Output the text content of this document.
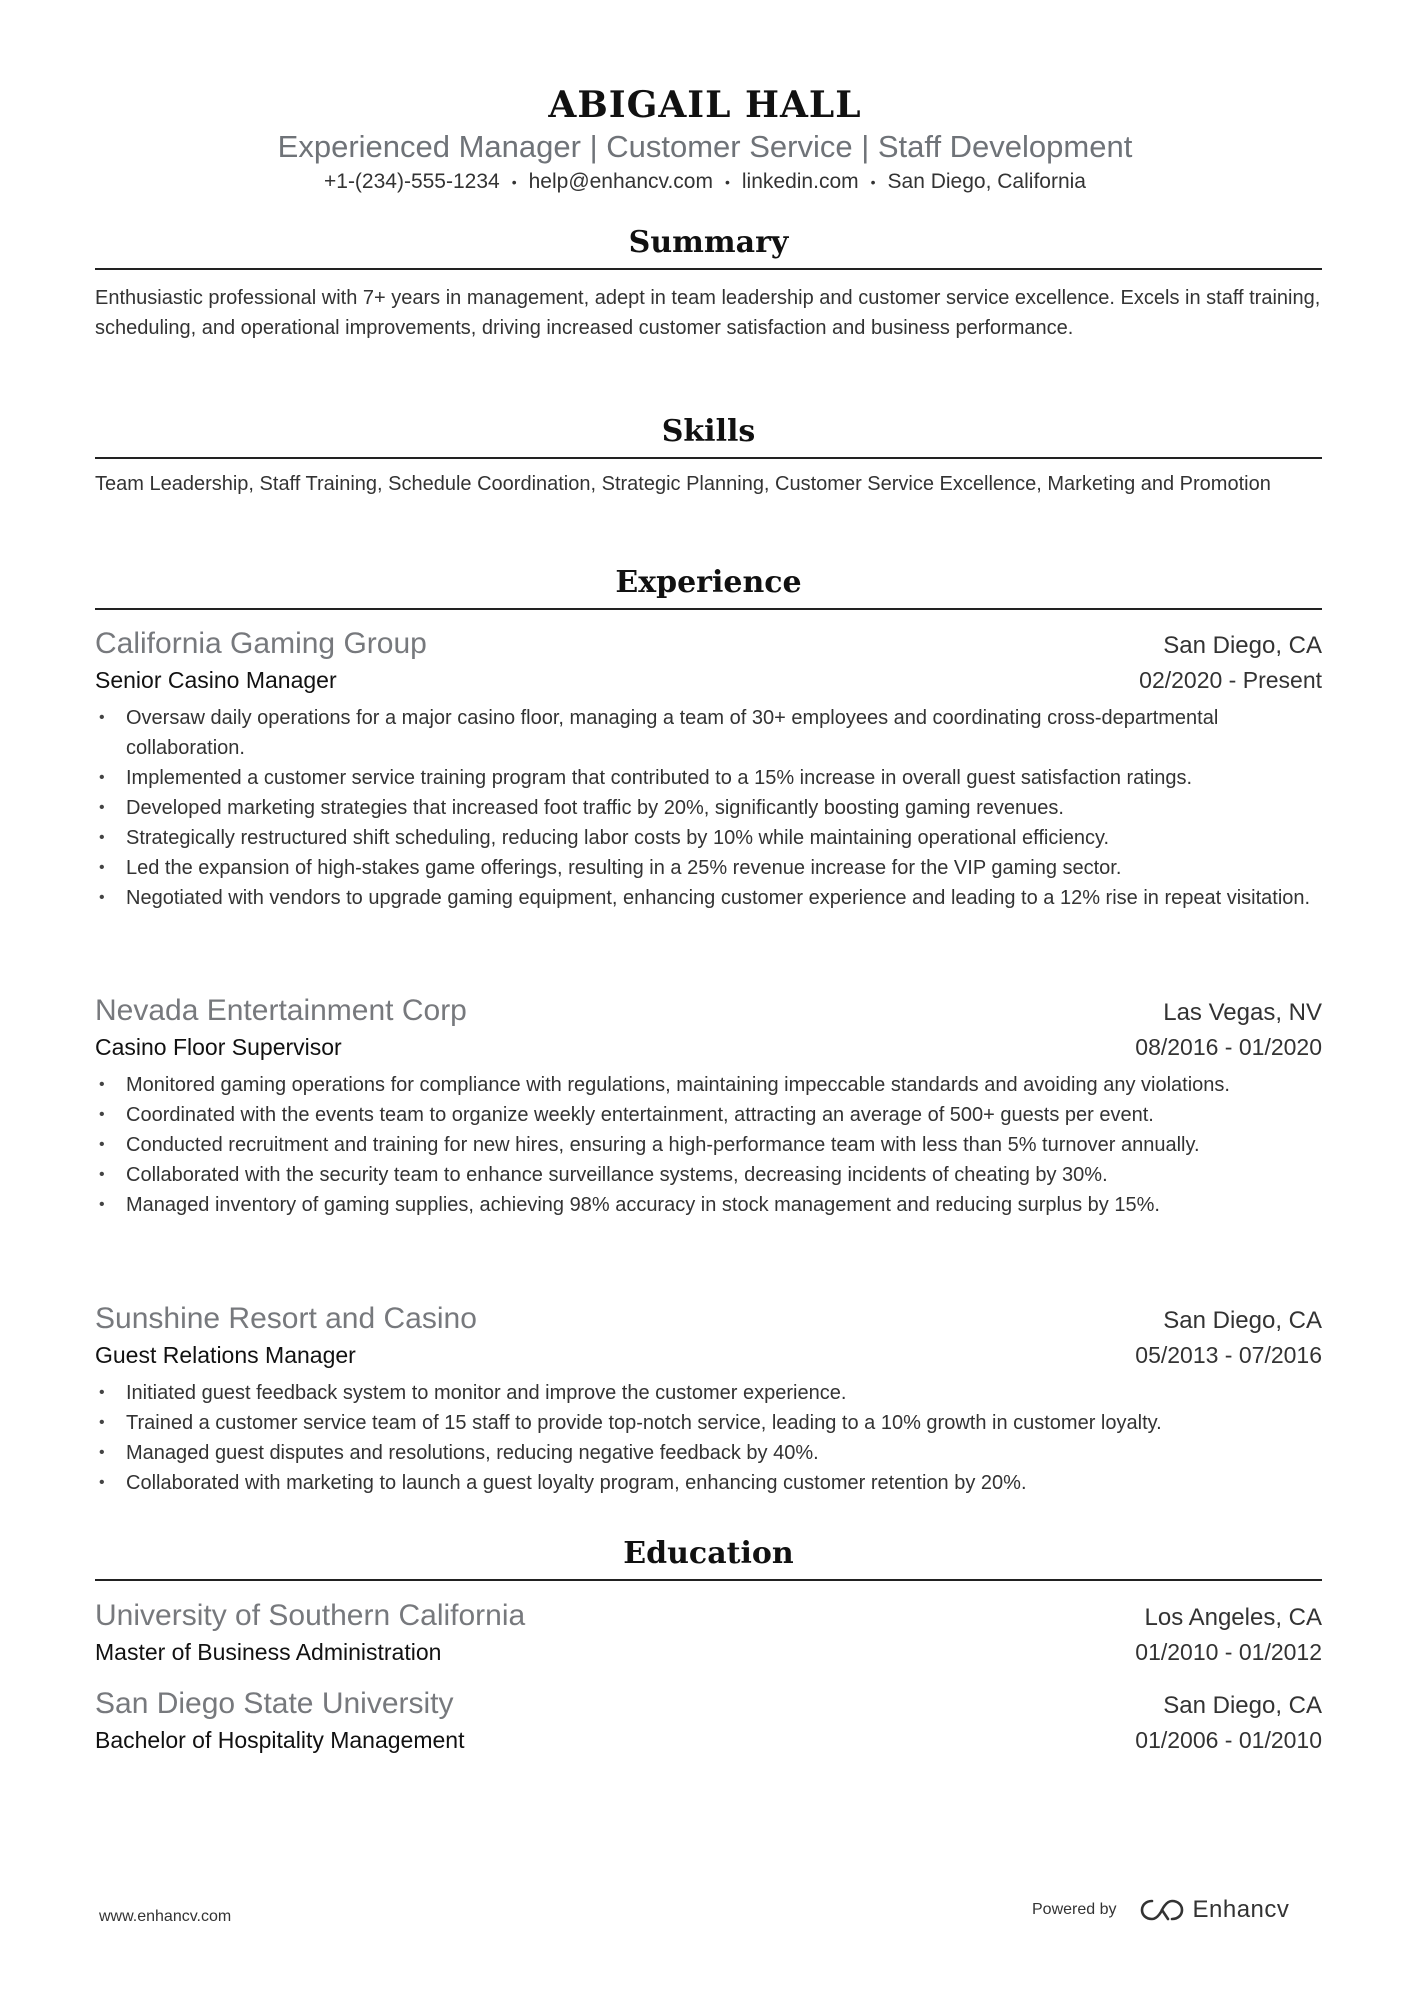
ABIGAIL HALL
Experienced Manager | Customer Service | Staff Development
+1-(234)-555-1234 • help@enhancv.com • linkedin.com • San Diego, California
Summary
Enthusiastic professional with 7+ years in management, adept in team leadership and customer service excellence. Excels in staff training, scheduling, and operational improvements, driving increased customer satisfaction and business performance.
Skills
Team Leadership, Staff Training, Schedule Coordination, Strategic Planning, Customer Service Excellence, Marketing and Promotion
Experience
California Gaming Group	San Diego, CA
Senior Casino Manager	02/2020 - Present
• Oversaw daily operations for a major casino floor, managing a team of 30+ employees and coordinating cross-departmental collaboration.
• Implemented a customer service training program that contributed to a 15% increase in overall guest satisfaction ratings.
• Developed marketing strategies that increased foot traffic by 20%, significantly boosting gaming revenues.
• Strategically restructured shift scheduling, reducing labor costs by 10% while maintaining operational efficiency.
• Led the expansion of high-stakes game offerings, resulting in a 25% revenue increase for the VIP gaming sector.
• Negotiated with vendors to upgrade gaming equipment, enhancing customer experience and leading to a 12% rise in repeat visitation.
Nevada Entertainment Corp	Las Vegas, NV
Casino Floor Supervisor	08/2016 - 01/2020
• Monitored gaming operations for compliance with regulations, maintaining impeccable standards and avoiding any violations.
• Coordinated with the events team to organize weekly entertainment, attracting an average of 500+ guests per event.
• Conducted recruitment and training for new hires, ensuring a high-performance team with less than 5% turnover annually.
• Collaborated with the security team to enhance surveillance systems, decreasing incidents of cheating by 30%.
• Managed inventory of gaming supplies, achieving 98% accuracy in stock management and reducing surplus by 15%.
Sunshine Resort and Casino	San Diego, CA
Guest Relations Manager	05/2013 - 07/2016
• Initiated guest feedback system to monitor and improve the customer experience.
• Trained a customer service team of 15 staff to provide top-notch service, leading to a 10% growth in customer loyalty.
• Managed guest disputes and resolutions, reducing negative feedback by 40%.
• Collaborated with marketing to launch a guest loyalty program, enhancing customer retention by 20%.
Education
University of Southern California	Los Angeles, CA
Master of Business Administration	01/2010 - 01/2012
San Diego State University	San Diego, CA
Bachelor of Hospitality Management	01/2006 - 01/2010
www.enhancv.com	Powered by	Enhancv
